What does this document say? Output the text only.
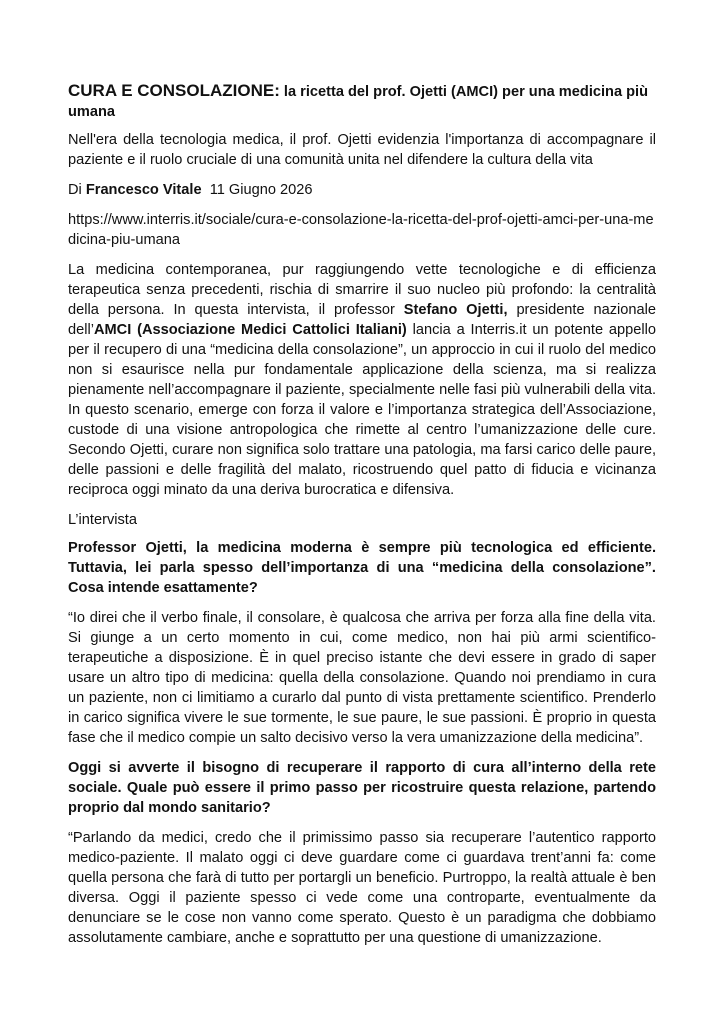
CURA E CONSOLAZIONE: la ricetta del prof. Ojetti (AMCI) per una medicina più umana

Nell'era della tecnologia medica, il prof. Ojetti evidenzia l'importanza di accompagnare il paziente e il ruolo cruciale di una comunità unita nel difendere la cultura della vita

Di Francesco Vitale 11 Giugno 2026

https://www.interris.it/sociale/cura-e-consolazione-la-ricetta-del-prof-ojetti-amci-per-una-medicina-piu-umana

La medicina contemporanea, pur raggiungendo vette tecnologiche e di efficienza terapeutica senza precedenti, rischia di smarrire il suo nucleo più profondo: la centralità della persona. In questa intervista, il professor Stefano Ojetti, presidente nazionale dell’AMCI (Associazione Medici Cattolici Italiani) lancia a Interris.it un potente appello per il recupero di una “medicina della consolazione”, un approccio in cui il ruolo del medico non si esaurisce nella pur fondamentale applicazione della scienza, ma si realizza pienamente nell’accompagnare il paziente, specialmente nelle fasi più vulnerabili della vita. In questo scenario, emerge con forza il valore e l’importanza strategica dell’Associazione, custode di una visione antropologica che rimette al centro l’umanizzazione delle cure. Secondo Ojetti, curare non significa solo trattare una patologia, ma farsi carico delle paure, delle passioni e delle fragilità del malato, ricostruendo quel patto di fiducia e vicinanza reciproca oggi minato da una deriva burocratica e difensiva.

L’intervista

Professor Ojetti, la medicina moderna è sempre più tecnologica ed efficiente. Tuttavia, lei parla spesso dell’importanza di una “medicina della consolazione”. Cosa intende esattamente?

“Io direi che il verbo finale, il consolare, è qualcosa che arriva per forza alla fine della vita. Si giunge a un certo momento in cui, come medico, non hai più armi scientifico-terapeutiche a disposizione. È in quel preciso istante che devi essere in grado di saper usare un altro tipo di medicina: quella della consolazione. Quando noi prendiamo in cura un paziente, non ci limitiamo a curarlo dal punto di vista prettamente scientifico. Prenderlo in carico significa vivere le sue tormente, le sue paure, le sue passioni. È proprio in questa fase che il medico compie un salto decisivo verso la vera umanizzazione della medicina”.

Oggi si avverte il bisogno di recuperare il rapporto di cura all’interno della rete sociale. Quale può essere il primo passo per ricostruire questa relazione, partendo proprio dal mondo sanitario?

“Parlando da medici, credo che il primissimo passo sia recuperare l’autentico rapporto medico-paziente. Il malato oggi ci deve guardare come ci guardava trent’anni fa: come quella persona che farà di tutto per portargli un beneficio. Purtroppo, la realtà attuale è ben diversa. Oggi il paziente spesso ci vede come una controparte, eventualmente da denunciare se le cose non vanno come sperato. Questo è un paradigma che dobbiamo assolutamente cambiare, anche e soprattutto per una questione di umanizzazione.
